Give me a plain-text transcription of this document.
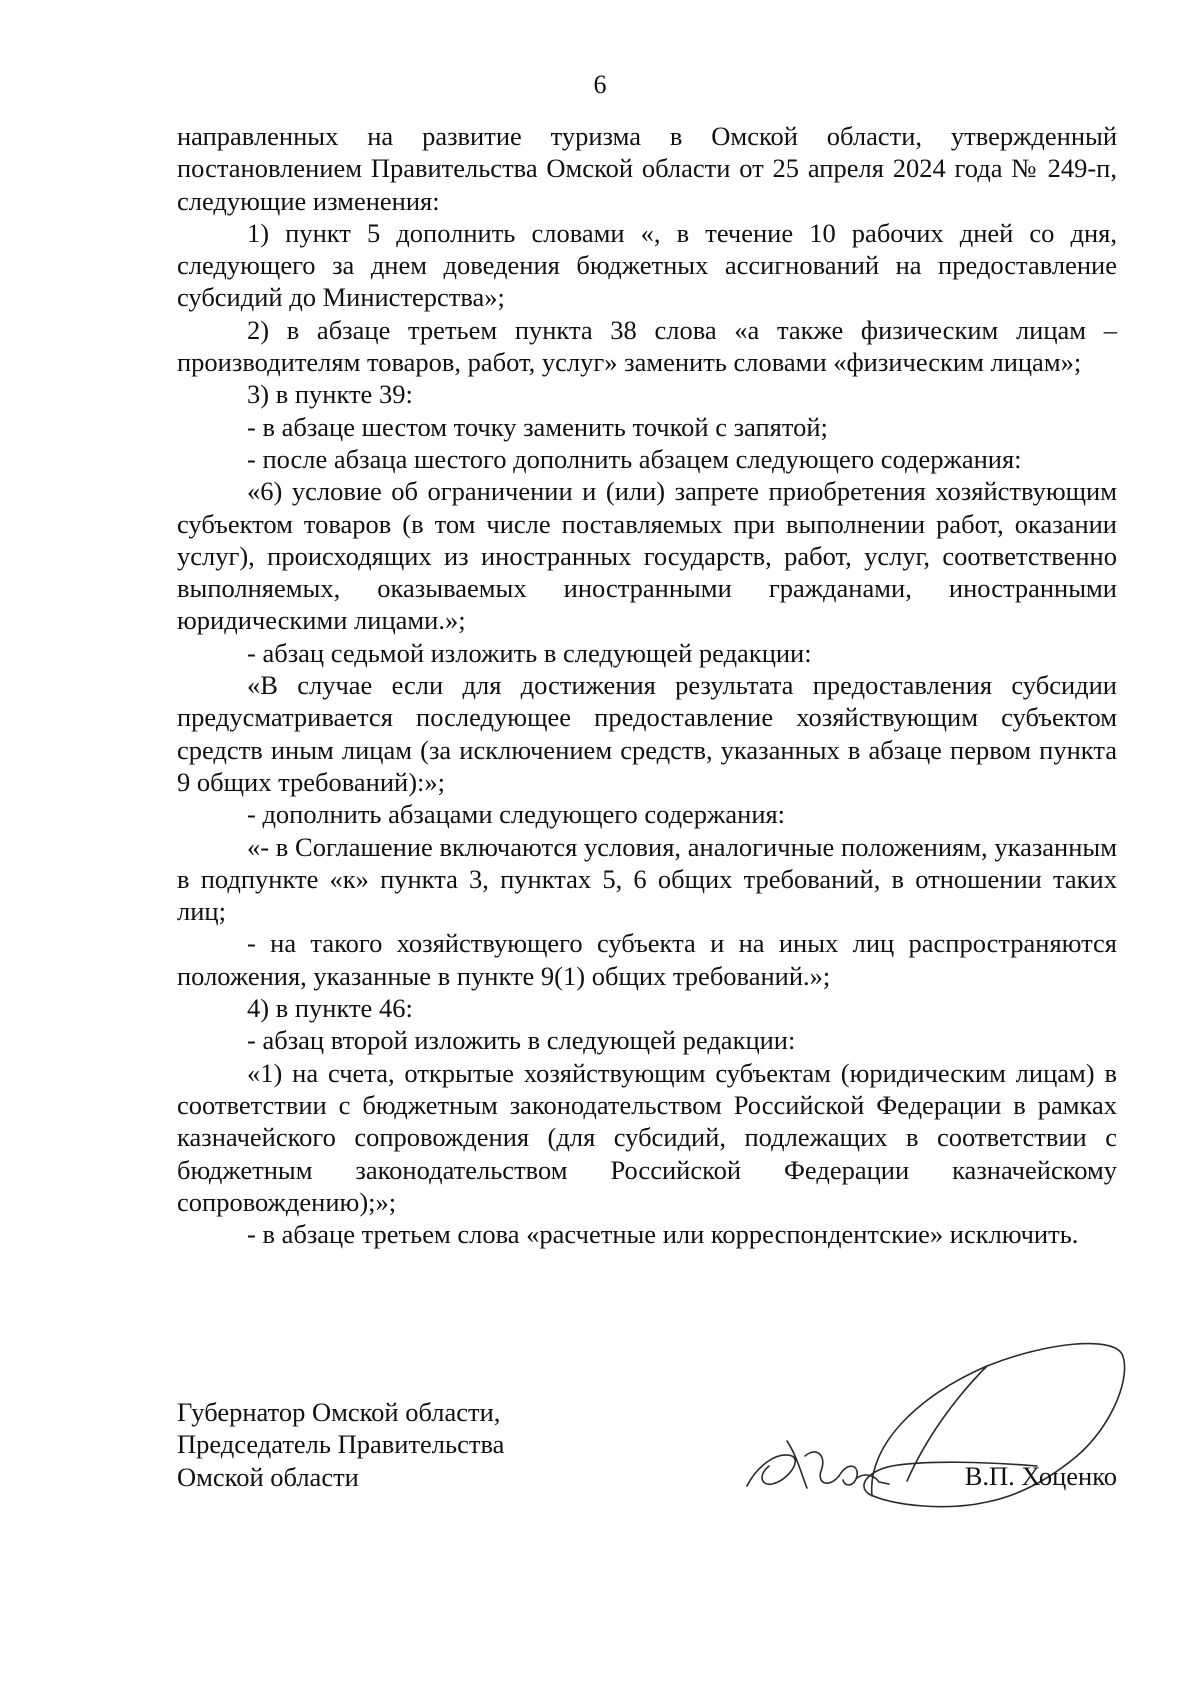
6

направленных на развитие туризма в Омской области, утвержденный постановлением Правительства Омской области от 25 апреля 2024 года № 249-п, следующие изменения:

1) пункт 5 дополнить словами «, в течение 10 рабочих дней со дня, следующего за днем доведения бюджетных ассигнований на предоставление субсидий до Министерства»;

2) в абзаце третьем пункта 38 слова «а также физическим лицам – производителям товаров, работ, услуг» заменить словами «физическим лицам»;

3) в пункте 39:

- в абзаце шестом точку заменить точкой с запятой;

- после абзаца шестого дополнить абзацем следующего содержания:

«6) условие об ограничении и (или) запрете приобретения хозяйствующим субъектом товаров (в том числе поставляемых при выполнении работ, оказании услуг), происходящих из иностранных государств, работ, услуг, соответственно выполняемых, оказываемых иностранными гражданами, иностранными юридическими лицами.»;

- абзац седьмой изложить в следующей редакции:

«В случае если для достижения результата предоставления субсидии предусматривается последующее предоставление хозяйствующим субъектом средств иным лицам (за исключением средств, указанных в абзаце первом пункта 9 общих требований):»;

- дополнить абзацами следующего содержания:

«- в Соглашение включаются условия, аналогичные положениям, указанным в подпункте «к» пункта 3, пунктах 5, 6 общих требований, в отношении таких лиц;

- на такого хозяйствующего субъекта и на иных лиц распространяются положения, указанные в пункте 9(1) общих требований.»;

4) в пункте 46:

- абзац второй изложить в следующей редакции:

«1) на счета, открытые хозяйствующим субъектам (юридическим лицам) в соответствии с бюджетным законодательством Российской Федерации в рамках казначейского сопровождения (для субсидий, подлежащих в соответствии с бюджетным законодательством Российской Федерации казначейскому сопровождению);»;

- в абзаце третьем слова «расчетные или корреспондентские» исключить.

Губернатор Омской области,
Председатель Правительства
Омской области	В.П. Хоценко
